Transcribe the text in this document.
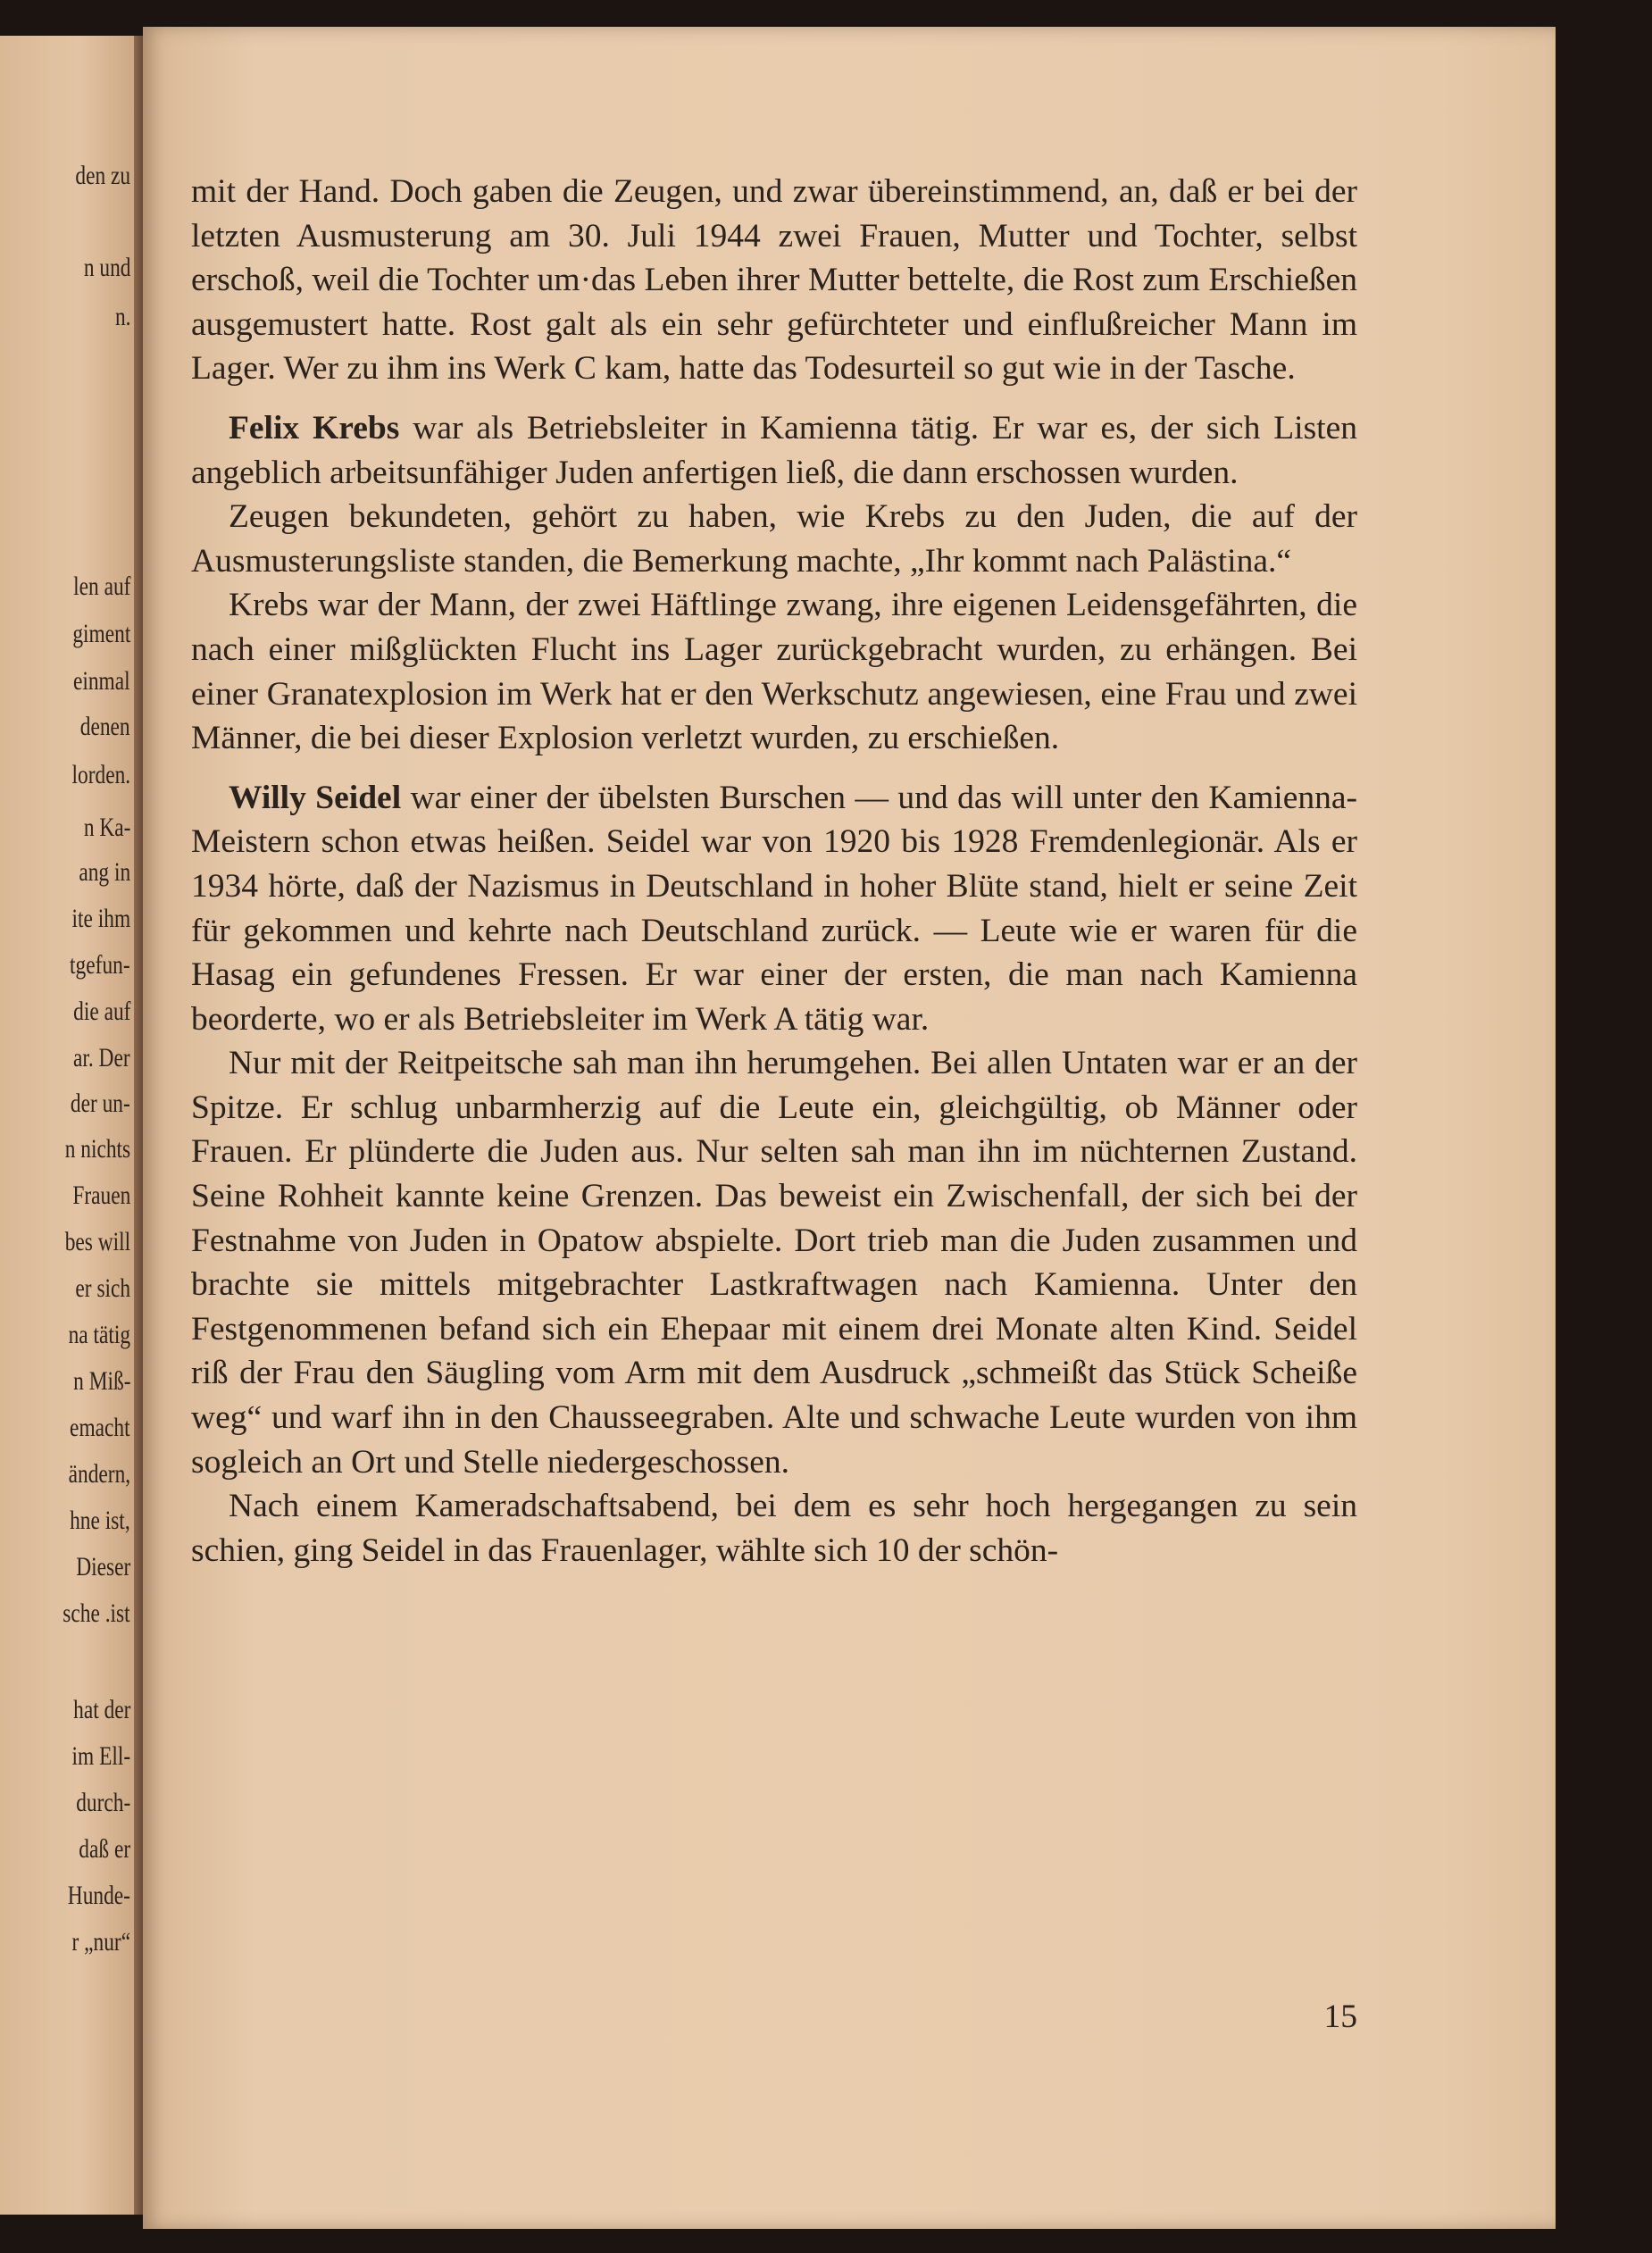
den zu
n und
n.
len auf
giment
einmal
denen
lorden.
n Ka-
ang in
ite ihm
tgefun-
die auf
ar. Der
der un-
n nichts
Frauen
bes will
er sich
na tätig
n Miß-
emacht
ändern,
hne ist,
Dieser
sche .ist
hat der
im Ell-
durch-
daß er
Hunde-
r „nur“

mit der Hand. Doch gaben die Zeugen, und zwar übereinstimmend, an, daß er bei der letzten Ausmusterung am 30. Juli 1944 zwei Frauen, Mutter und Tochter, selbst erschoß, weil die Tochter um·das Leben ihrer Mutter bettelte, die Rost zum Erschießen ausgemustert hatte. Rost galt als ein sehr gefürchteter und einflußreicher Mann im Lager. Wer zu ihm ins Werk C kam, hatte das Todesurteil so gut wie in der Tasche.

Felix Krebs war als Betriebsleiter in Kamienna tätig. Er war es, der sich Listen angeblich arbeitsunfähiger Juden anfertigen ließ, die dann erschossen wurden.

Zeugen bekundeten, gehört zu haben, wie Krebs zu den Juden, die auf der Ausmusterungsliste standen, die Bemerkung machte, „Ihr kommt nach Palästina.“

Krebs war der Mann, der zwei Häftlinge zwang, ihre eigenen Leidensgefährten, die nach einer mißglückten Flucht ins Lager zurückgebracht wurden, zu erhängen. Bei einer Granatexplosion im Werk hat er den Werkschutz angewiesen, eine Frau und zwei Männer, die bei dieser Explosion verletzt wurden, zu erschießen.

Willy Seidel war einer der übelsten Burschen — und das will unter den Kamienna-Meistern schon etwas heißen. Seidel war von 1920 bis 1928 Fremdenlegionär. Als er 1934 hörte, daß der Nazismus in Deutschland in hoher Blüte stand, hielt er seine Zeit für gekommen und kehrte nach Deutschland zurück. — Leute wie er waren für die Hasag ein gefundenes Fressen. Er war einer der ersten, die man nach Kamienna beorderte, wo er als Betriebsleiter im Werk A tätig war.

Nur mit der Reitpeitsche sah man ihn herumgehen. Bei allen Untaten war er an der Spitze. Er schlug unbarmherzig auf die Leute ein, gleichgültig, ob Männer oder Frauen. Er plünderte die Juden aus. Nur selten sah man ihn im nüchternen Zustand. Seine Rohheit kannte keine Grenzen. Das beweist ein Zwischenfall, der sich bei der Festnahme von Juden in Opatow abspielte. Dort trieb man die Juden zusammen und brachte sie mittels mitgebrachter Lastkraftwagen nach Kamienna. Unter den Festgenommenen befand sich ein Ehepaar mit einem drei Monate alten Kind. Seidel riß der Frau den Säugling vom Arm mit dem Ausdruck „schmeißt das Stück Scheiße weg“ und warf ihn in den Chausseegraben. Alte und schwache Leute wurden von ihm sogleich an Ort und Stelle niedergeschossen.

Nach einem Kameradschaftsabend, bei dem es sehr hoch hergegangen zu sein schien, ging Seidel in das Frauenlager, wählte sich 10 der schön-

15
